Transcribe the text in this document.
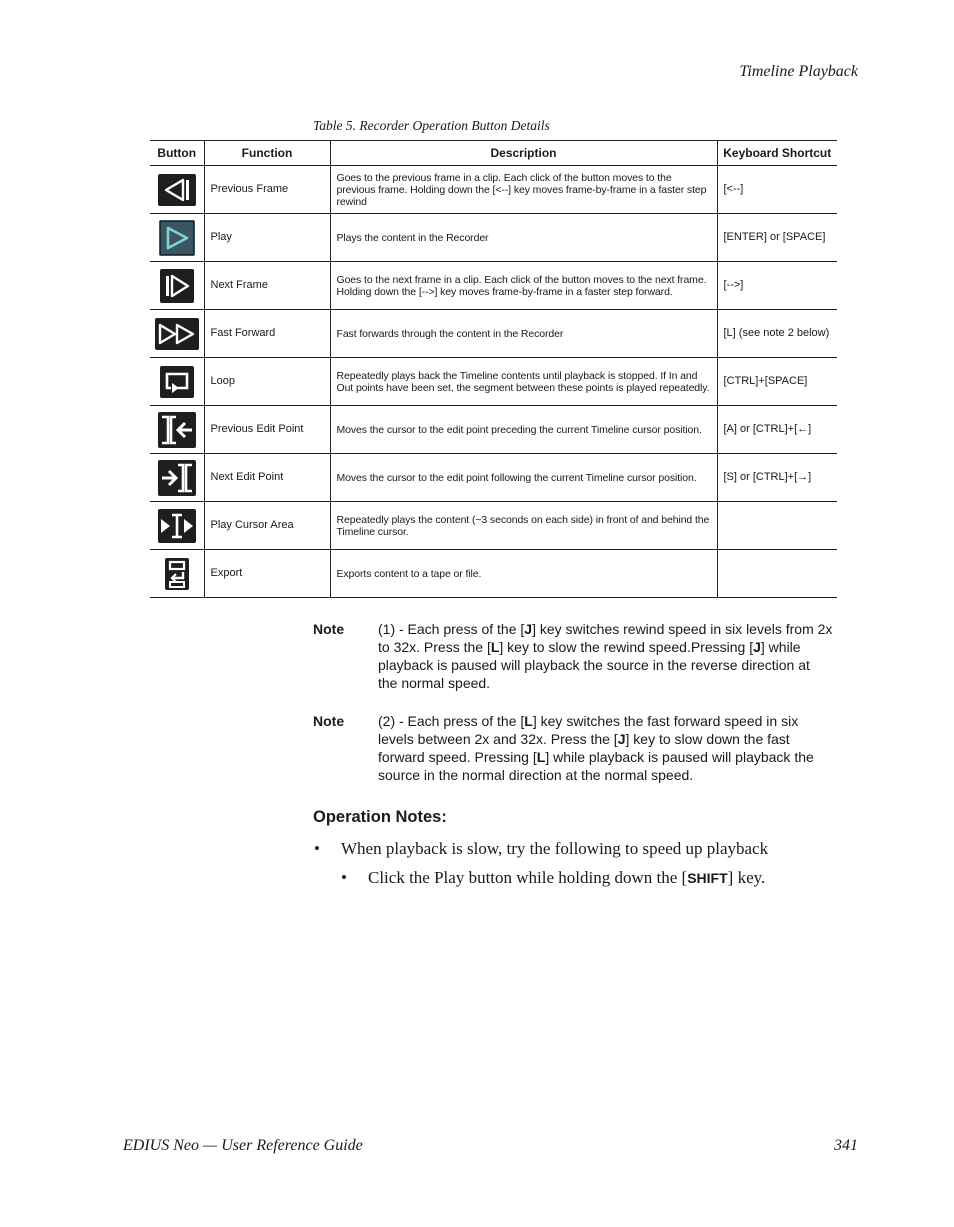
Timeline Playback
Table 5. Recorder Operation Button Details
Button	Function	Description	Keyboard Shortcut

	Previous Frame	Goes to the previous frame in a clip. Each click of the button moves to the previous frame. Holding down the [<--] key moves frame-by-frame in a faster step rewind	[<--]

	Play	Plays the content in the Recorder	[ENTER] or [SPACE]

	Next Frame	Goes to the next frame in a clip. Each click of the button moves to the next frame. Holding down the [-->] key moves frame-by-frame in a faster step forward.	[-->]

	Fast Forward	Fast forwards through the content in the Recorder	[L] (see note 2 below)

	Loop	Repeatedly plays back the Timeline contents until playback is stopped. If In and Out points have been set, the segment between these points is played repeatedly.	[CTRL]+[SPACE]

	Previous Edit Point	Moves the cursor to the edit point preceding the current Timeline cursor position.	[A] or [CTRL]+[←]

	Next Edit Point	Moves the cursor to the edit point following the current Timeline cursor position.	[S] or [CTRL]+[→]

	Play Cursor Area	Repeatedly plays the content (~3 seconds on each side) in front of and behind the Timeline cursor.	

	Export	Exports content to a tape or file.	
Note (1) - Each press of the [J] key switches rewind speed in six levels from 2x to 32x. Press the [L] key to slow the rewind speed.Pressing [J] while playback is paused will playback the source in the reverse direction at the normal speed.
Note (2) - Each press of the [L] key switches the fast forward speed in six levels between 2x and 32x. Press the [J] key to slow down the fast forward speed. Pressing [L] while playback is paused will playback the source in the normal direction at the normal speed.
Operation Notes:
• When playback is slow, try the following to speed up playback
• Click the Play button while holding down the [SHIFT] key.
EDIUS Neo — User Reference Guide	341
